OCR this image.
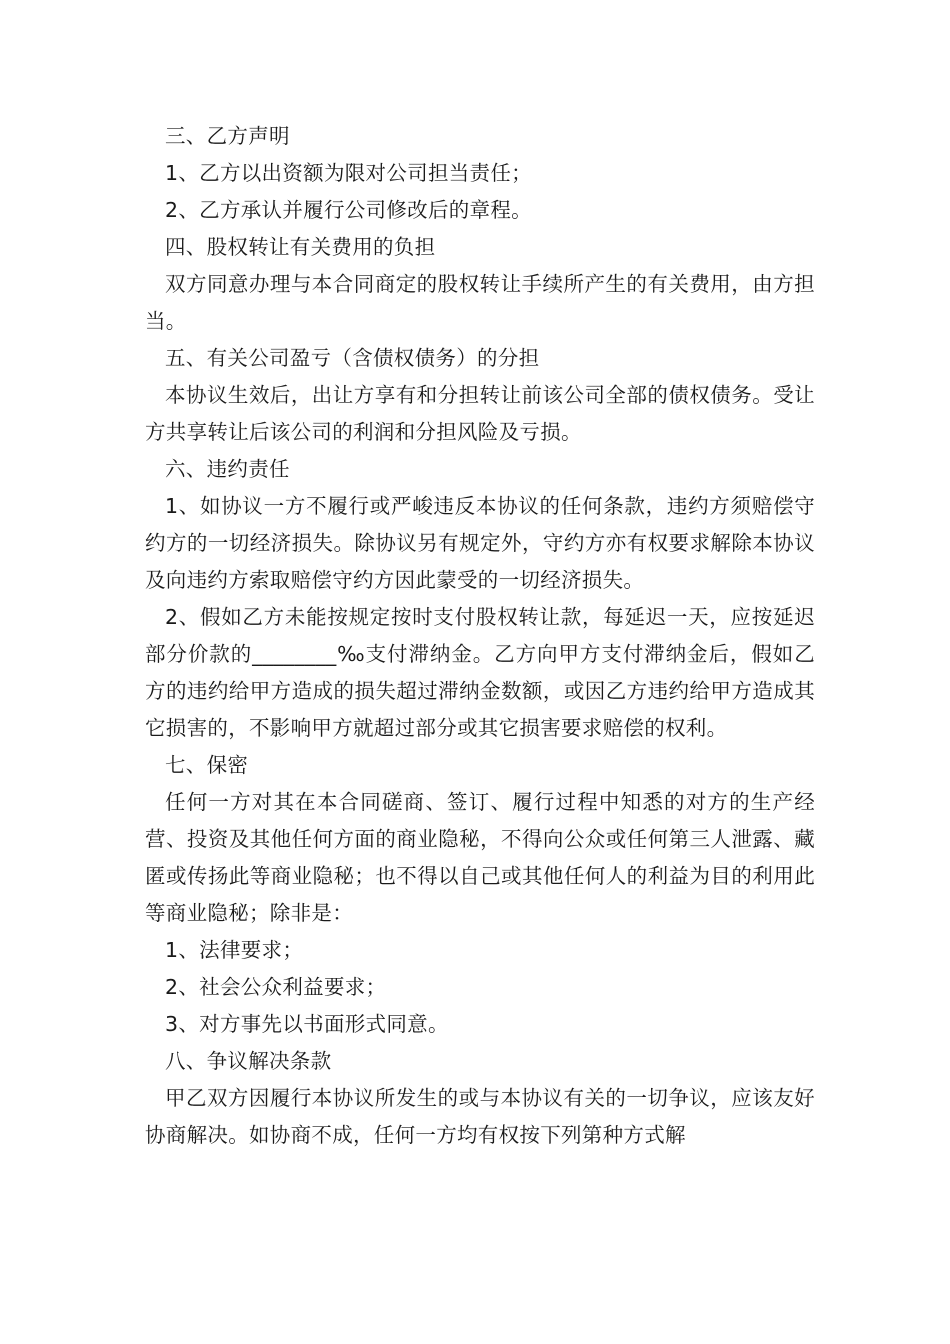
三、乙方声明

1、乙方以出资额为限对公司担当责任；

2、乙方承认并履行公司修改后的章程。

四、股权转让有关费用的负担

双方同意办理与本合同商定的股权转让手续所产生的有关费用，由方担当。

五、有关公司盈亏（含债权债务）的分担

本协议生效后，出让方享有和分担转让前该公司全部的债权债务。受让方共享转让后该公司的利润和分担风险及亏损。

六、违约责任

1、如协议一方不履行或严峻违反本协议的任何条款，违约方须赔偿守约方的一切经济损失。除协议另有规定外，守约方亦有权要求解除本协议及向违约方索取赔偿守约方因此蒙受的一切经济损失。

2、假如乙方未能按规定按时支付股权转让款，每延迟一天，应按延迟部分价款的________‰支付滞纳金。乙方向甲方支付滞纳金后，假如乙方的违约给甲方造成的损失超过滞纳金数额，或因乙方违约给甲方造成其它损害的，不影响甲方就超过部分或其它损害要求赔偿的权利。

七、保密

任何一方对其在本合同磋商、签订、履行过程中知悉的对方的生产经营、投资及其他任何方面的商业隐秘，不得向公众或任何第三人泄露、藏匿或传扬此等商业隐秘；也不得以自己或其他任何人的利益为目的利用此等商业隐秘；除非是：

1、法律要求；

2、社会公众利益要求；

3、对方事先以书面形式同意。

八、争议解决条款

甲乙双方因履行本协议所发生的或与本协议有关的一切争议，应该友好协商解决。如协商不成，任何一方均有权按下列第种方式解
